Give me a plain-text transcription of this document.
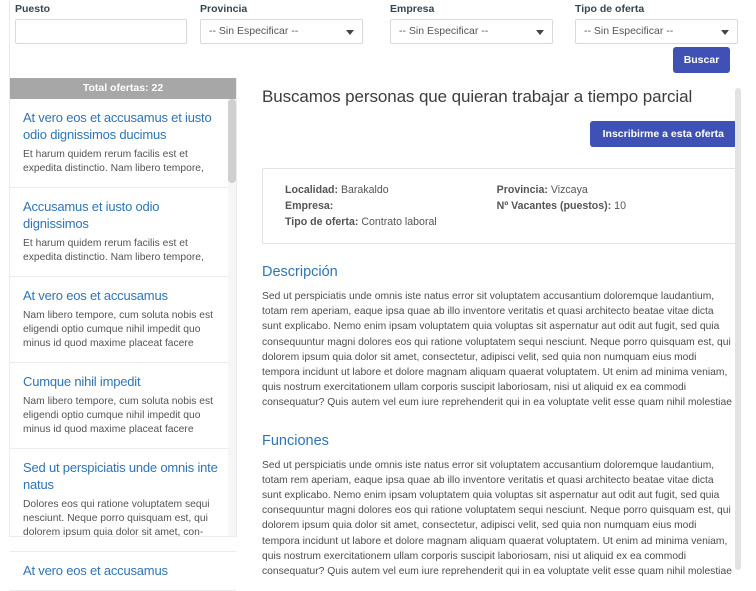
Puesto	Provincia
-- Sin Especificar --
Empresa
-- Sin Especificar --
Tipo de oferta
-- Sin Especificar --
Buscar
Total ofertas: 22
At vero eos et accusamus et iusto odio dignissimos ducimus
Et harum quidem rerum facilis est et expedita distinctio. Nam libero tempore,
Accusamus et iusto odio dignissimos
Et harum quidem rerum facilis est et expedita distinctio. Nam libero tempore,
At vero eos et accusamus
Nam libero tempore, cum soluta nobis est eligendi optio cumque nihil impedit quo minus id quod maxime placeat facere
Cumque nihil impedit
Nam libero tempore, cum soluta nobis est eligendi optio cumque nihil impedit quo minus id quod maxime placeat facere
Sed ut perspiciatis unde omnis inte natus
Dolores eos qui ratione voluptatem sequi nesciunt. Neque porro quisquam est, qui dolorem ipsum quia dolor sit amet, con-
At vero eos et accusamus
Buscamos personas que quieran trabajar a tiempo parcial
Inscribirme a esta oferta
Localidad: Barakaldo
Empresa:
Tipo de oferta: Contrato laboral
Provincia: Vizcaya
Nº Vacantes (puestos): 10
Descripción

Sed ut perspiciatis unde omnis iste natus error sit voluptatem accusantium doloremque laudantium, totam rem aperiam, eaque ipsa quae ab illo inventore veritatis et quasi architecto beatae vitae dicta sunt explicabo. Nemo enim ipsam voluptatem quia voluptas sit aspernatur aut odit aut fugit, sed quia consequuntur magni dolores eos qui ratione voluptatem sequi nesciunt. Neque porro quisquam est, qui dolorem ipsum quia dolor sit amet, consectetur, adipisci velit, sed quia non numquam eius modi tempora incidunt ut labore et dolore magnam aliquam quaerat voluptatem. Ut enim ad minima veniam, quis nostrum exercitationem ullam corporis suscipit laboriosam, nisi ut aliquid ex ea commodi consequatur? Quis autem vel eum iure reprehenderit qui in ea voluptate velit esse quam nihil molestiae

Funciones

Sed ut perspiciatis unde omnis iste natus error sit voluptatem accusantium doloremque laudantium, totam rem aperiam, eaque ipsa quae ab illo inventore veritatis et quasi architecto beatae vitae dicta sunt explicabo. Nemo enim ipsam voluptatem quia voluptas sit aspernatur aut odit aut fugit, sed quia consequuntur magni dolores eos qui ratione voluptatem sequi nesciunt. Neque porro quisquam est, qui dolorem ipsum quia dolor sit amet, consectetur, adipisci velit, sed quia non numquam eius modi tempora incidunt ut labore et dolore magnam aliquam quaerat voluptatem. Ut enim ad minima veniam, quis nostrum exercitationem ullam corporis suscipit laboriosam, nisi ut aliquid ex ea commodi consequatur? Quis autem vel eum iure reprehenderit qui in ea voluptate velit esse quam nihil molestiae
